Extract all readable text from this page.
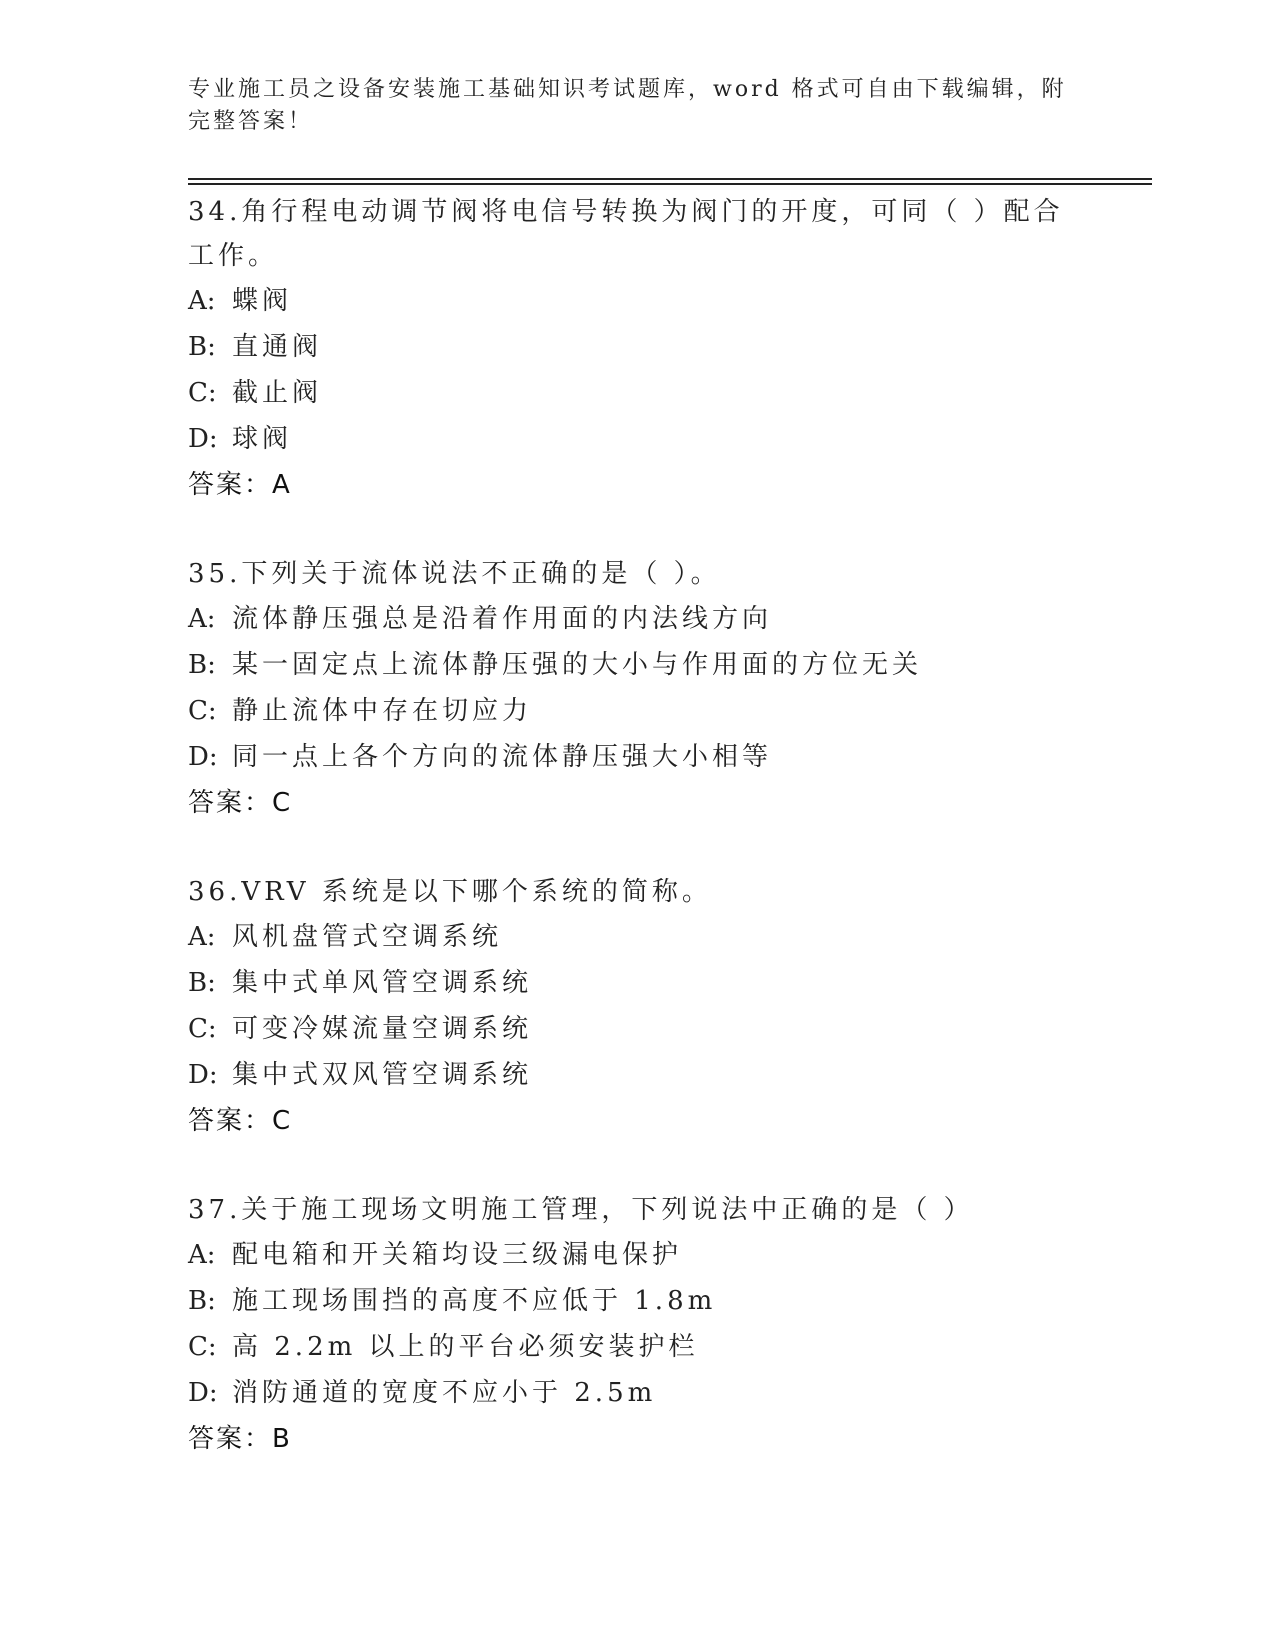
专业施工员之设备安装施工基础知识考试题库，word 格式可自由下载编辑，附完整答案！
34.角行程电动调节阀将电信号转换为阀门的开度，可同（ ）配合工作。
A: 蝶阀
B: 直通阀
C: 截止阀
D: 球阀
答案：A
35.下列关于流体说法不正确的是（ ）。
A: 流体静压强总是沿着作用面的内法线方向
B: 某一固定点上流体静压强的大小与作用面的方位无关
C: 静止流体中存在切应力
D: 同一点上各个方向的流体静压强大小相等
答案：C
36.VRV 系统是以下哪个系统的简称。
A: 风机盘管式空调系统
B: 集中式单风管空调系统
C: 可变冷媒流量空调系统
D: 集中式双风管空调系统
答案：C
37.关于施工现场文明施工管理，下列说法中正确的是（ ）
A: 配电箱和开关箱均设三级漏电保护
B: 施工现场围挡的高度不应低于 1.8m
C: 高 2.2m 以上的平台必须安装护栏
D: 消防通道的宽度不应小于 2.5m
答案：B
